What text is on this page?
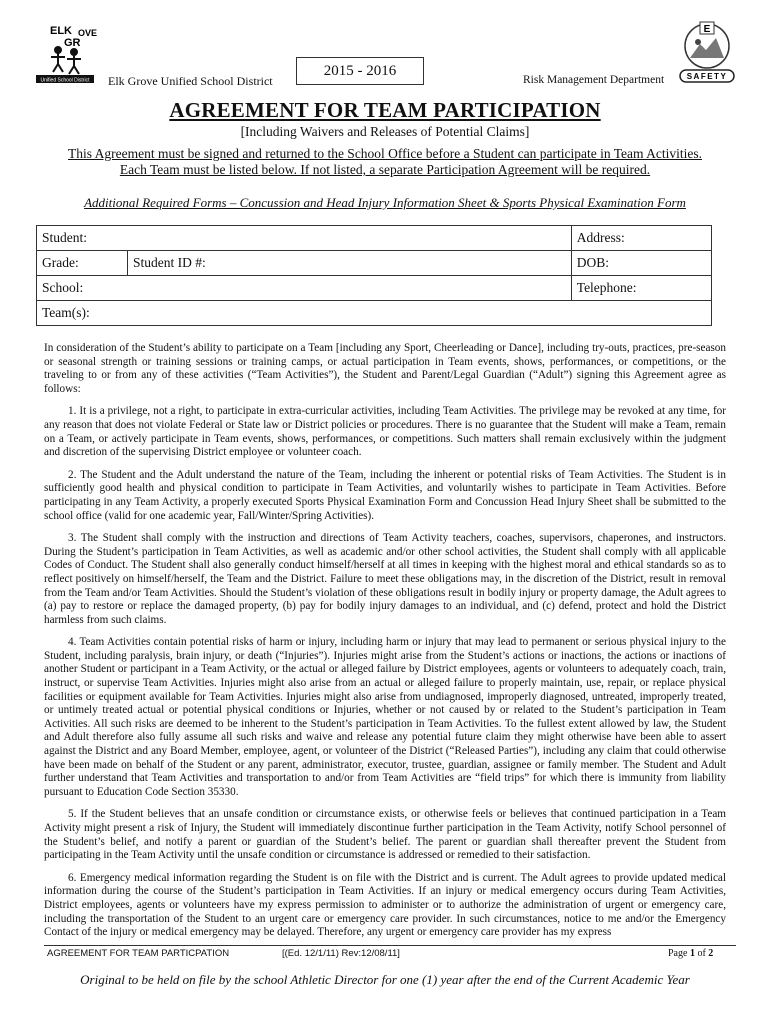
ELK
GR
OVE
Unified School District Elk Grove Unified School District
2015 - 2016
Risk Management Department
E
SAFETY
AGREEMENT FOR TEAM PARTICIPATION
[Including Waivers and Releases of Potential Claims]
This Agreement must be signed and returned to the School Office before a Student can participate in Team Activities.
Each Team must be listed below. If not listed, a separate Participation Agreement will be required.
Additional Required Forms – Concussion and Head Injury Information Sheet & Sports Physical Examination Form
Student:		Address:
Grade:	Student ID #:	DOB:
School:		Telephone:
Team(s):		

In consideration of the Student’s ability to participate on a Team [including any Sport, Cheerleading or Dance], including try-outs, practices, pre-season or seasonal strength or training sessions or training camps, or actual participation in Team events, shows, performances, or competitions, or the traveling to or from any of these activities (“Team Activities”), the Student and Parent/Legal Guardian (“Adult”) signing this Agreement agree as follows:

1. It is a privilege, not a right, to participate in extra-curricular activities, including Team Activities. The privilege may be revoked at any time, for any reason that does not violate Federal or State law or District policies or procedures. There is no guarantee that the Student will make a Team, remain on a Team, or actively participate in Team events, shows, performances, or competitions. Such matters shall remain exclusively within the judgment and discretion of the supervising District employee or volunteer coach.

2. The Student and the Adult understand the nature of the Team, including the inherent or potential risks of Team Activities. The Student is in sufficiently good health and physical condition to participate in Team Activities, and voluntarily wishes to participate in Team Activities. Before participating in any Team Activity, a properly executed Sports Physical Examination Form and Concussion Head Injury Sheet shall be submitted to the school office (valid for one academic year, Fall/Winter/Spring Activities).

3. The Student shall comply with the instruction and directions of Team Activity teachers, coaches, supervisors, chaperones, and instructors. During the Student’s participation in Team Activities, as well as academic and/or other school activities, the Student shall comply with all applicable Codes of Conduct. The Student shall also generally conduct himself/herself at all times in keeping with the highest moral and ethical standards so as to reflect positively on himself/herself, the Team and the District. Failure to meet these obligations may, in the discretion of the District, result in removal from the Team and/or Team Activities. Should the Student’s violation of these obligations result in bodily injury or property damage, the Adult agrees to (a) pay to restore or replace the damaged property, (b) pay for bodily injury damages to an individual, and (c) defend, protect and hold the District harmless from such claims.

4. Team Activities contain potential risks of harm or injury, including harm or injury that may lead to permanent or serious physical injury to the Student, including paralysis, brain injury, or death (“Injuries”). Injuries might arise from the Student’s actions or inactions, the actions or inactions of another Student or participant in a Team Activity, or the actual or alleged failure by District employees, agents or volunteers to adequately coach, train, instruct, or supervise Team Activities. Injuries might also arise from an actual or alleged failure to properly maintain, use, repair, or replace physical facilities or equipment available for Team Activities. Injuries might also arise from undiagnosed, improperly diagnosed, untreated, improperly treated, or untimely treated actual or potential physical conditions or Injuries, whether or not caused by or related to the Student’s participation in Team Activities. All such risks are deemed to be inherent to the Student’s participation in Team Activities. To the fullest extent allowed by law, the Student and Adult therefore also fully assume all such risks and waive and release any potential future claim they might otherwise have been able to assert against the District and any Board Member, employee, agent, or volunteer of the District (“Released Parties”), including any claim that could otherwise have been made on behalf of the Student or any parent, administrator, executor, trustee, guardian, assignee or family member. The Student and Adult further understand that Team Activities and transportation to and/or from Team Activities are “field trips” for which there is immunity from liability pursuant to Education Code Section 35330.

5. If the Student believes that an unsafe condition or circumstance exists, or otherwise feels or believes that continued participation in a Team Activity might present a risk of Injury, the Student will immediately discontinue further participation in the Team Activity, notify School personnel of the Student’s belief, and notify a parent or guardian of the Student’s belief. The parent or guardian shall thereafter prevent the Student from participating in the Team Activity until the unsafe condition or circumstance is addressed or remedied to their satisfaction.

6. Emergency medical information regarding the Student is on file with the District and is current. The Adult agrees to provide updated medical information during the course of the Student’s participation in Team Activities. If an injury or medical emergency occurs during Team Activities, District employees, agents or volunteers have my express permission to administer or to authorize the administration of urgent or emergency care, including the transportation of the Student to an urgent care or emergency care provider. In such circumstances, notice to me and/or the Emergency Contact of the injury or medical emergency may be delayed. Therefore, any urgent or emergency care provider has my express

AGREEMENT FOR TEAM PARTICPATION	[(Ed. 12/1/11) Rev:12/08/11]	Page 1 of 2
Original to be held on file by the school Athletic Director for one (1) year after the end of the Current Academic Year
